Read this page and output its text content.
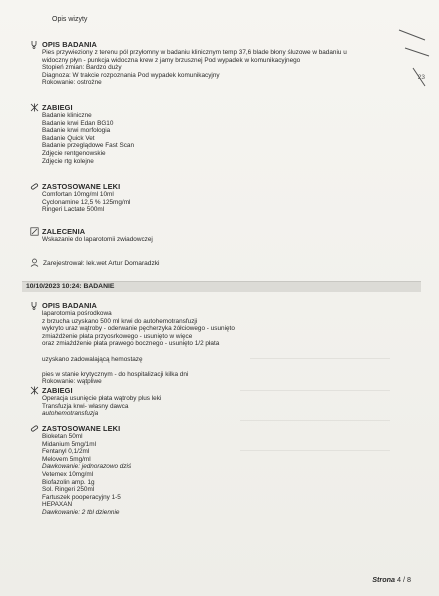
Opis wizyty
23
OPIS BADANIA
Pies przywieziony z terenu pól przyłomny w badaniu klinicznym temp 37,6 blade błony śluzowe w badaniu u
widoczny płyn - punkcja widoczna krew z jamy brzusznej Pod wypadek w komunikacyjnego
Stopień zmian: Bardzo duży
Diagnoza: W trakcie rozpoznania Pod wypadek komunikacyjny
Rokowanie: ostrożne
ZABIEGI
Badanie kliniczne
Badanie krwi Edan BG10
Badanie krwi morfologia
Badanie Quick Vet
Badanie przeglądowe Fast Scan
Zdjęcie rentgenowskie
Zdjęcie rtg kolejne
ZASTOSOWANE LEKI
Comfortan 10mg/ml 10ml
Cyclonamine 12,5 % 125mg/ml
Ringeri Lactate 500ml
ZALECENIA
Wskazanie do laparotomii zwiadowczej
Zarejestrował: lek.wet Artur Domaradzki
10/10/2023 10:24: BADANIE
OPIS BADANIA
laparotomia pośrodkowa
z brzucha uzyskano 500 ml krwi do autohemotransfuzji
wykryto uraz wątroby - oderwanie pęcherzyka żółciowego - usunięto
zmiażdżenie płata przyosrkowego - usunięto w więce
oraz zmiażdżenie płata prawego bocznego - usunięto 1/2 płata

uzyskano zadowalającą hemostazę

pies w stanie krytycznym - do hospitalizacji kilka dni
Rokowanie: wątpliwe
ZABIEGI
Operacja usunięcie płata wątroby plus leki
Transfuzja krwi- własny dawca
autohemotransfuzja
ZASTOSOWANE LEKI
Bioketan 50ml
Midanium 5mg/1ml
Fentanyl 0,1/2ml
Melovem 5mg/ml
Dawkowanie: jednorazowo dziś
Vetemex 10mg/ml
Biofazolin amp. 1g
Sol. Ringeri 250ml
Fartuszek pooperacyjny 1-5
HEPAXAN
Dawkowanie: 2 tbl dziennie
Strona 4 / 8
